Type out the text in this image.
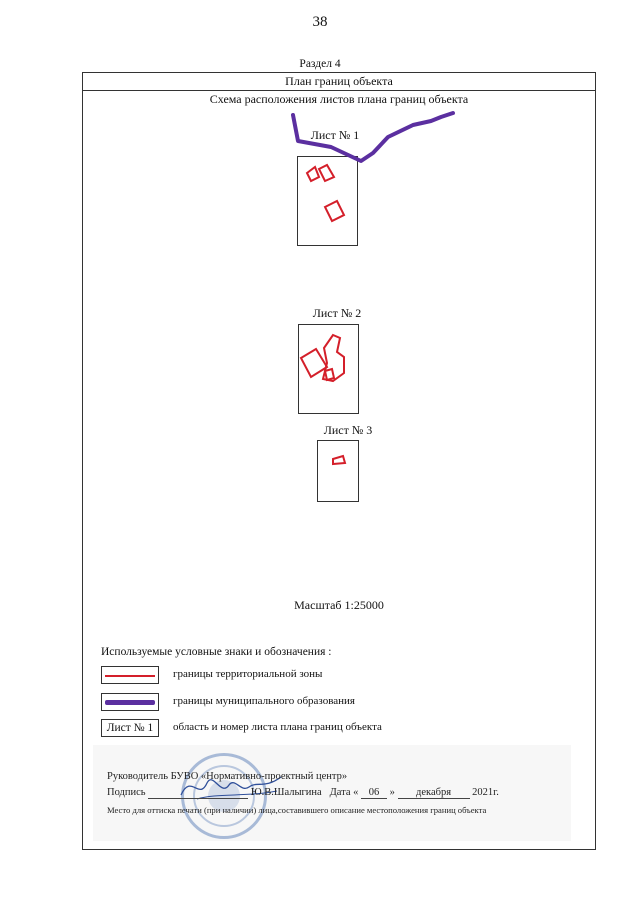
38
Раздел 4
План границ объекта
Схема расположения листов плана границ объекта
Лист № 1
Лист № 2
Лист № 3
Масштаб 1:25000
Используемые условные знаки и обозначения :
границы территориальной зоны
границы муниципального образования
Лист № 1	область и номер листа плана границ объекта
Руководитель БУВО «Нормативно-проектный центр»
Подпись	Ю.В.Шалыгина Дата « 06 » декабря 2021г.
Место для оттиска печати (при наличии) лица,составившего описание местоположения границ объекта
